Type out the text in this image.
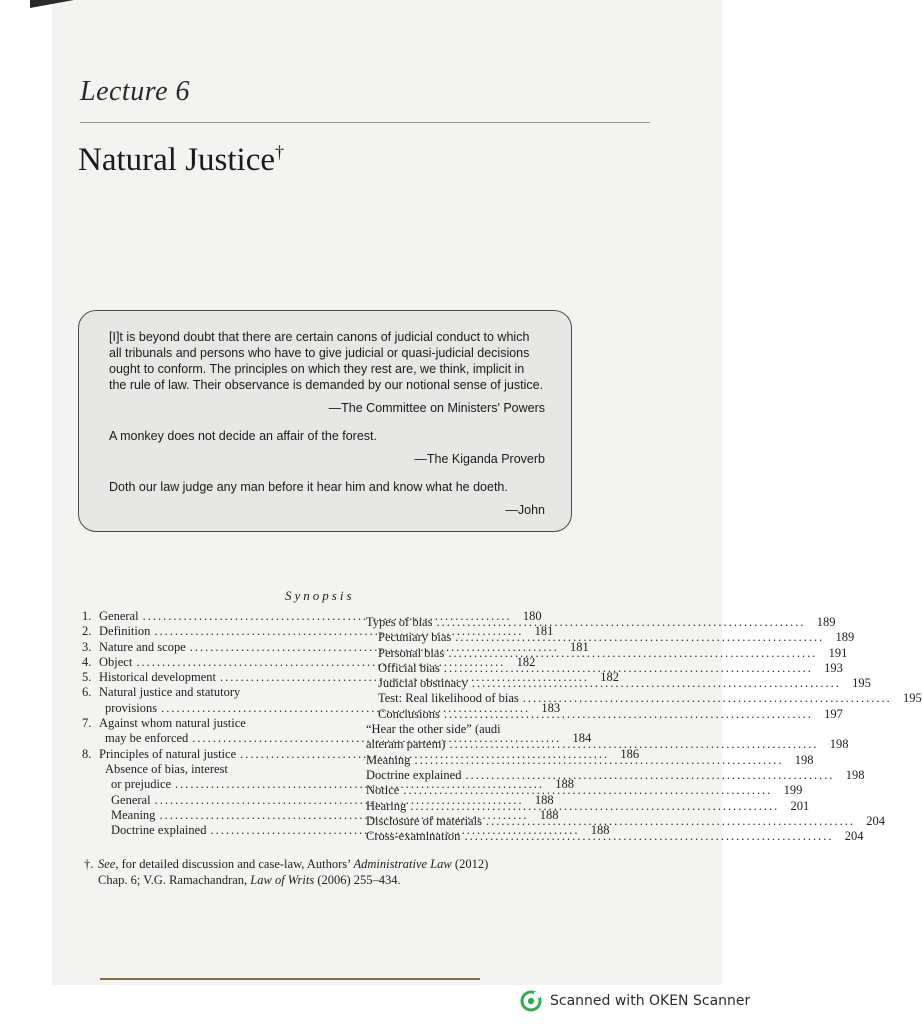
Lecture 6
Natural Justice†

[I]t is beyond doubt that there are certain canons of judicial conduct to which all tribunals and persons who have to give judicial or quasi-judicial decisions ought to conform. The principles on which they rest are, we think, implicit in the rule of law. Their observance is demanded by our notional sense of justice.

—The Committee on Ministers' Powers

A monkey does not decide an affair of the forest.

—The Kiganda Proverb

Doth our law judge any man before it hear him and know what he doeth.

—John

Synopsis
1. General .....	180
2. Definition .....	181
3. Nature and scope .....	181
4. Object .....	182
5. Historical development .....	182
6. Natural justice and statutory
provisions .....	183
7. Against whom natural justice
may be enforced .....	184
8. Principles of natural justice .....	186
Absence of bias, interest
or prejudice .....	188
General .....	188
Meaning .....	188
Doctrine explained .....	188
Types of bias .....	189
Pecuniary bias .....	189
Personal bias .....	191
Official bias .....	193
Judicial obstinacy .....	195
Test: Real likelihood of bias .....	195
Conclusions .....	197
“Hear the other side” (audi
alteram partem) .....	198
Meaning .....	198
Doctrine explained .....	198
Notice .....	199
Hearing .....	201
Disclosure of materials .....	204
Cross-examination .....	204
†. See, for detailed discussion and case-law, Authors’ Administrative Law (2012)
Chap. 6; V.G. Ramachandran, Law of Writs (2006) 255–434.
Scanned with OKEN Scanner
